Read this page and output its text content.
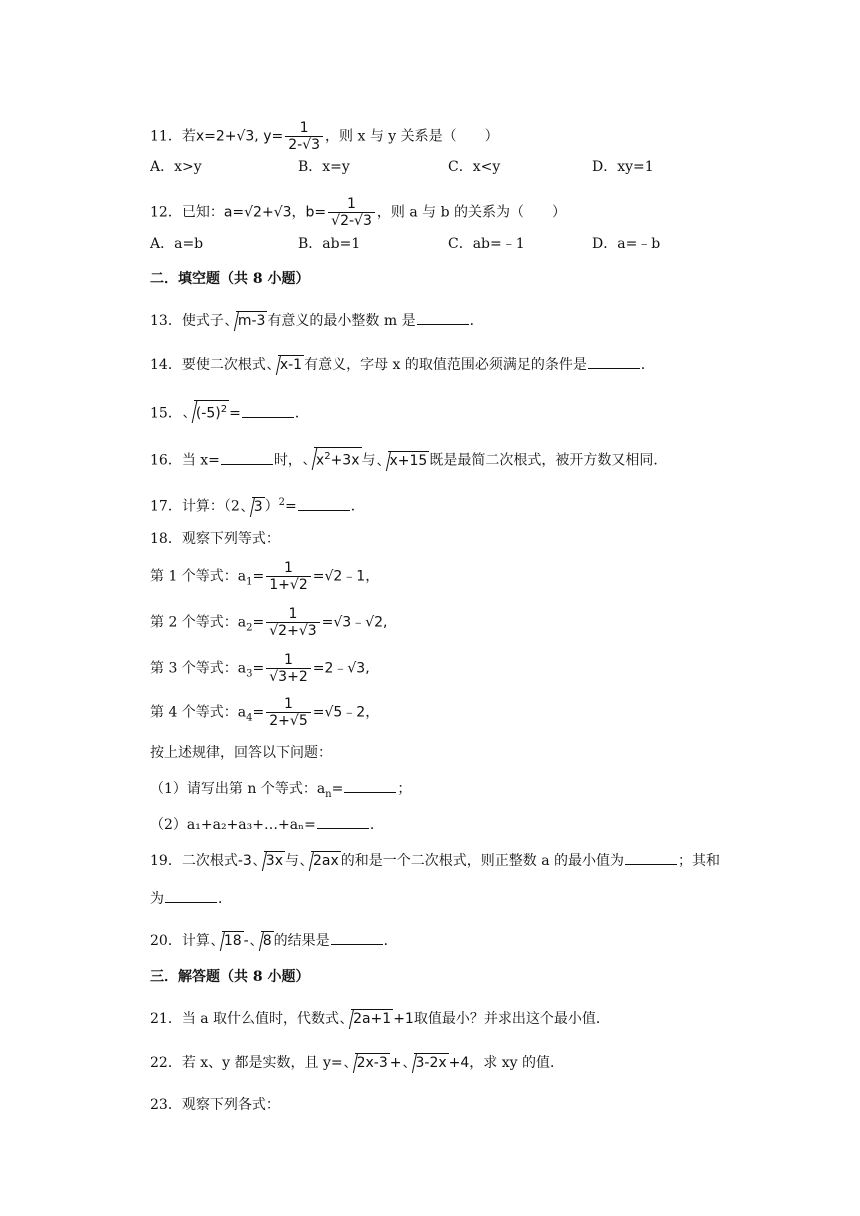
11．若x=2+√3, $y= \frac{1}{2-√3}$ ，则 x 与 y 关系是（　　）
A．x>y	B．x=y	C．x<y	D．xy=1
12．已知：a=√2+√3，$b= \frac{1}{√2-√3}$ ，则 a 与 b 的关系为（　　）
A．a=b	B．ab=1	C．ab=﹣1	D．a=﹣b
二．填空题（共 8 小题）
13．使式子 m-3 有意义的最小整数 m 是	．
14．要使二次根式 x-1 有意义，字母 x 的取值范围必须满足的条件是	．
15． $(-5)^2$ =	．
16．当 x=	时， $x^2+3x$ 与 x+15 既是最简二次根式，被开方数又相同．
17．计算：（2 3 ）$^2$=	．
18．观察下列等式：
第 1 个等式：$a_1= \frac{1}{1+√2}$ =√2﹣1，
第 2 个等式：$a_2= \frac{1}{√2+√3}$ =√3﹣√2,
第 3 个等式：$a_3= \frac{1}{√3+2}$ =2﹣√3,
第 4 个等式：$a_4= \frac{1}{2+√5}$ =√5﹣2，
按上述规律，回答以下问题：
（1）请写出第 n 个等式：$a_n=$	；
（2）a₁+a₂+a₃+…+aₙ=	．
19．二次根式-3 3x 与 2ax 的和是一个二次根式，则正整数 a 的最小值为	；其和
为	．
20．计算 18 - 8 的结果是	．
三．解答题（共 8 小题）
21．当 a 取什么值时，代数式 2a+1 +1取值最小？并求出这个最小值．
22．若 x、y 都是实数，且 y= 2x-3 + 3-2x +4，求 xy 的值．
23．观察下列各式：
